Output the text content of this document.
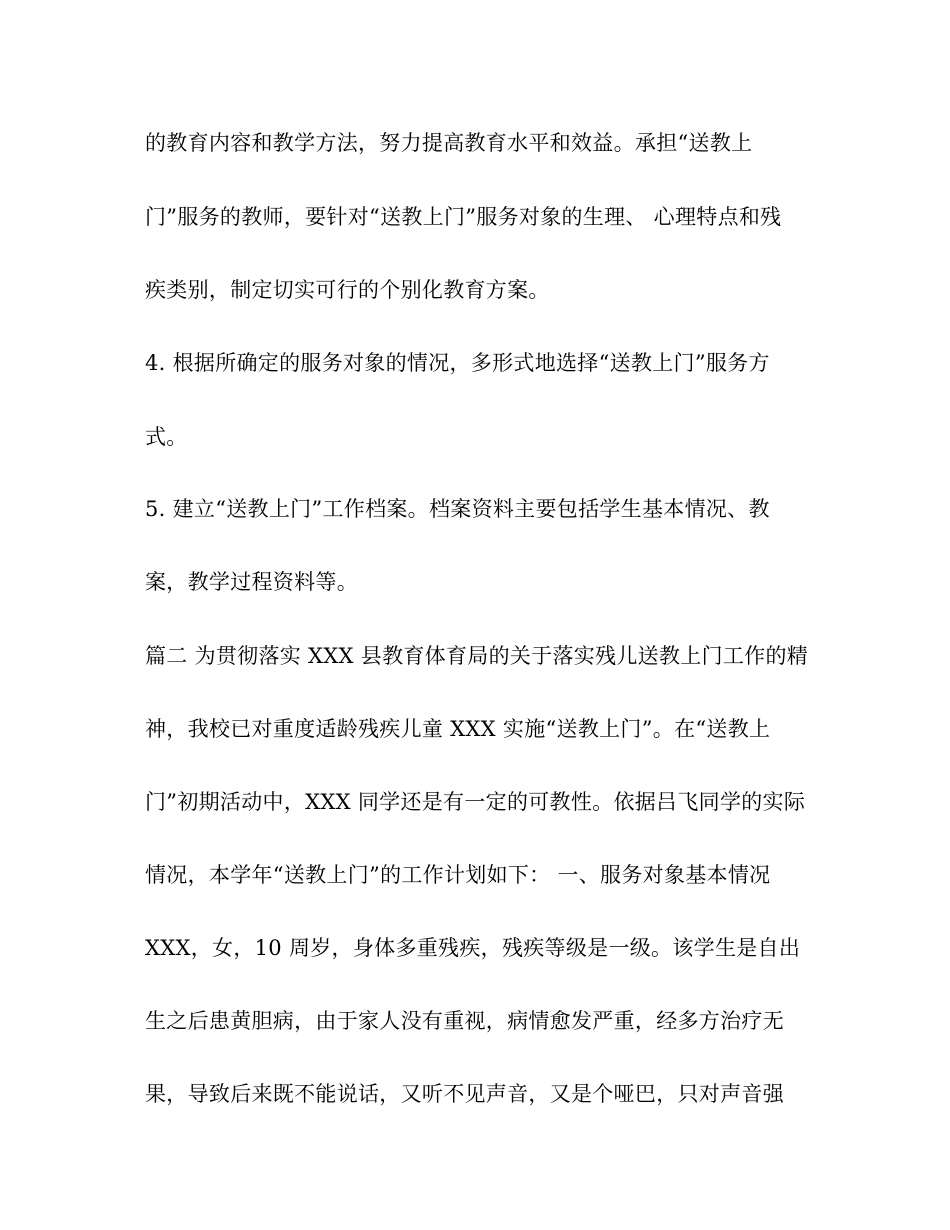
的教育内容和教学方法，努力提高教育水平和效益。承担“送教上
门”服务的教师，要针对“送教上门”服务对象的生理、 心理特点和残
疾类别，制定切实可行的个别化教育方案。
4. 根据所确定的服务对象的情况，多形式地选择“送教上门”服务方
式。
5. 建立“送教上门”工作档案。档案资料主要包括学生基本情况、教
案，教学过程资料等。
篇二 为贯彻落实 XXX 县教育体育局的关于落实残儿送教上门工作的精
神，我校已对重度适龄残疾儿童 XXX 实施“送教上门”。在“送教上
门”初期活动中，XXX 同学还是有一定的可教性。依据吕飞同学的实际
情况，本学年“送教上门”的工作计划如下： 一、服务对象基本情况
XXX，女，10 周岁，身体多重残疾，残疾等级是一级。该学生是自出
生之后患黄胆病，由于家人没有重视，病情愈发严重，经多方治疗无
果，导致后来既不能说话，又听不见声音，又是个哑巴，只对声音强
